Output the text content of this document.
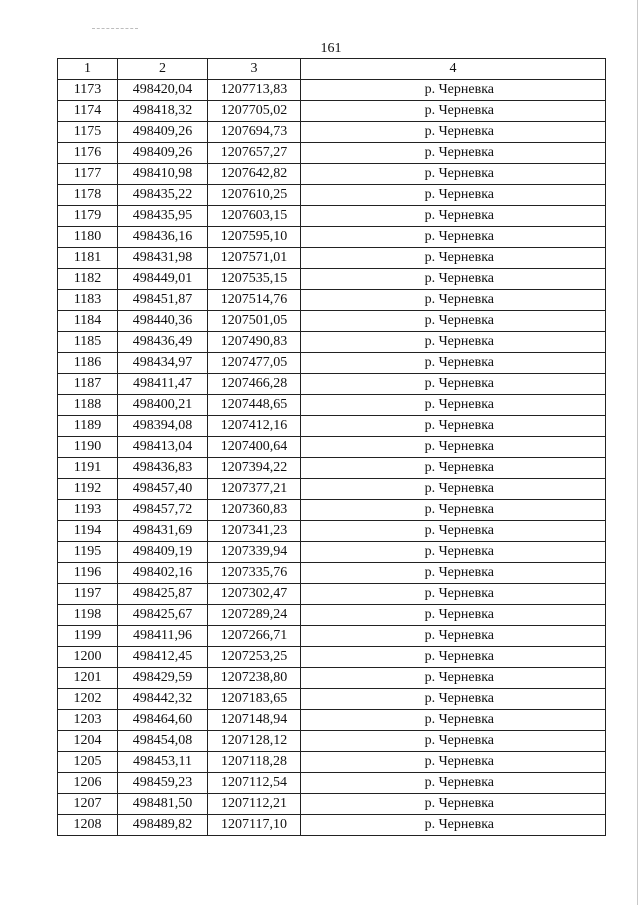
161
1	2	3	4
1173	498420,04	1207713,83	р. Черневка
1174	498418,32	1207705,02	р. Черневка
1175	498409,26	1207694,73	р. Черневка
1176	498409,26	1207657,27	р. Черневка
1177	498410,98	1207642,82	р. Черневка
1178	498435,22	1207610,25	р. Черневка
1179	498435,95	1207603,15	р. Черневка
1180	498436,16	1207595,10	р. Черневка
1181	498431,98	1207571,01	р. Черневка
1182	498449,01	1207535,15	р. Черневка
1183	498451,87	1207514,76	р. Черневка
1184	498440,36	1207501,05	р. Черневка
1185	498436,49	1207490,83	р. Черневка
1186	498434,97	1207477,05	р. Черневка
1187	498411,47	1207466,28	р. Черневка
1188	498400,21	1207448,65	р. Черневка
1189	498394,08	1207412,16	р. Черневка
1190	498413,04	1207400,64	р. Черневка
1191	498436,83	1207394,22	р. Черневка
1192	498457,40	1207377,21	р. Черневка
1193	498457,72	1207360,83	р. Черневка
1194	498431,69	1207341,23	р. Черневка
1195	498409,19	1207339,94	р. Черневка
1196	498402,16	1207335,76	р. Черневка
1197	498425,87	1207302,47	р. Черневка
1198	498425,67	1207289,24	р. Черневка
1199	498411,96	1207266,71	р. Черневка
1200	498412,45	1207253,25	р. Черневка
1201	498429,59	1207238,80	р. Черневка
1202	498442,32	1207183,65	р. Черневка
1203	498464,60	1207148,94	р. Черневка
1204	498454,08	1207128,12	р. Черневка
1205	498453,11	1207118,28	р. Черневка
1206	498459,23	1207112,54	р. Черневка
1207	498481,50	1207112,21	р. Черневка
1208	498489,82	1207117,10	р. Черневка
